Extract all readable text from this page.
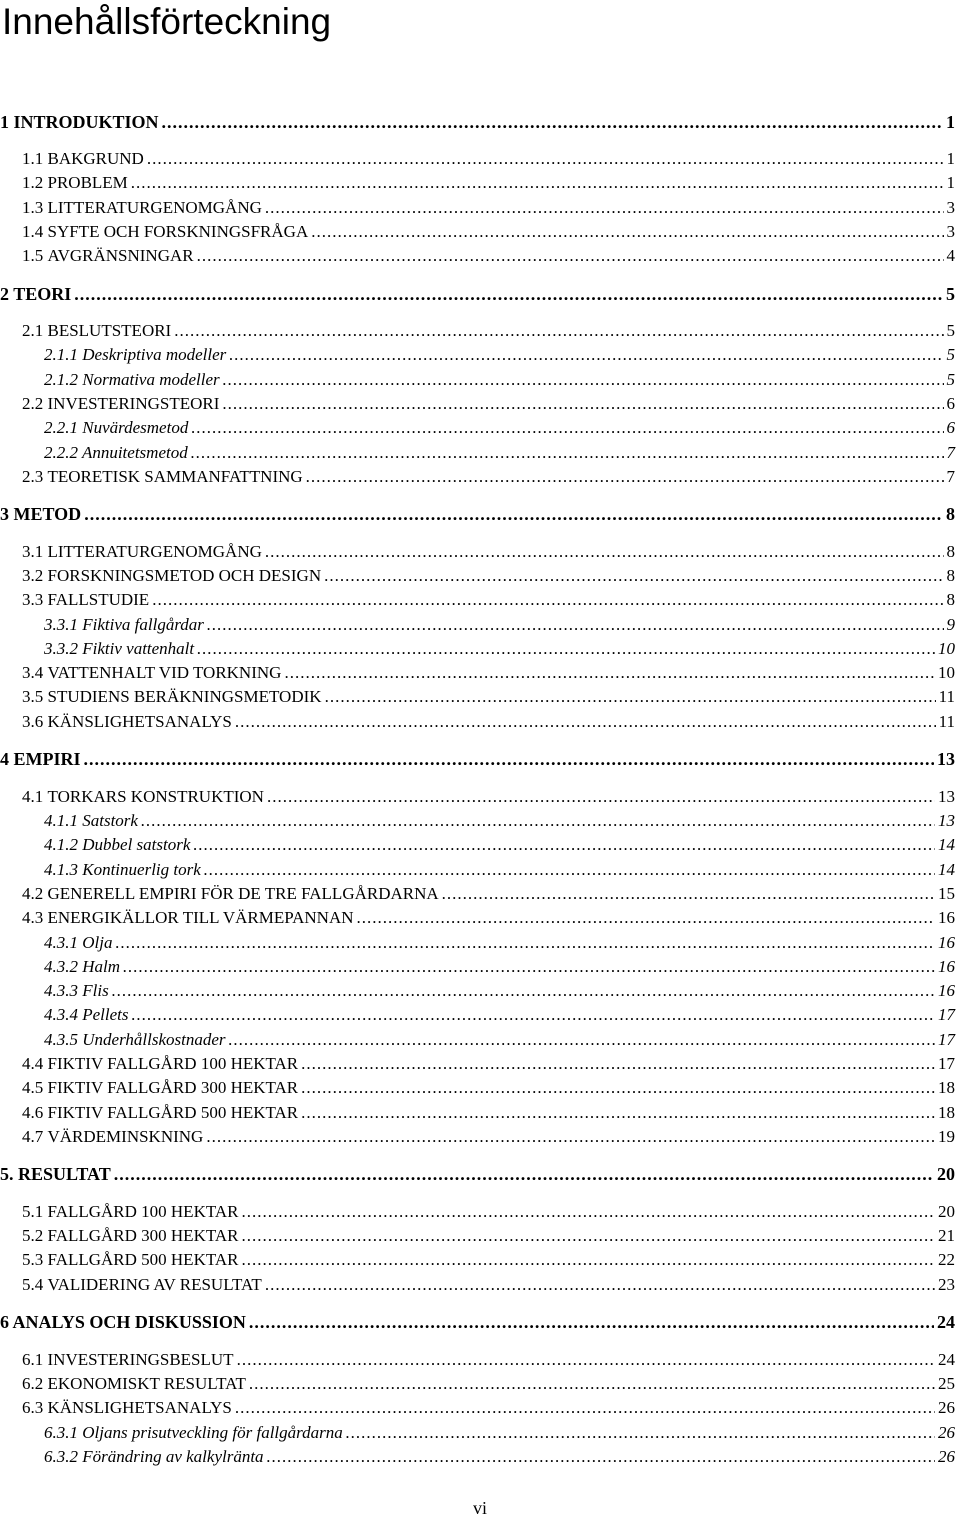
Innehållsförteckning
1 INTRODUKTION .....	1
1.1 BAKGRUND .....	1
1.2 PROBLEM .....	1
1.3 LITTERATURGENOMGÅNG .....	3
1.4 SYFTE OCH FORSKNINGSFRÅGA .....	3
1.5 AVGRÄNSNINGAR .....	4
2 TEORI .....	5
2.1 BESLUTSTEORI .....	5
2.1.1 Deskriptiva modeller .....	5
2.1.2 Normativa modeller .....	5
2.2 INVESTERINGSTEORI .....	6
2.2.1 Nuvärdesmetod .....	6
2.2.2 Annuitetsmetod .....	7
2.3 TEORETISK SAMMANFATTNING .....	7
3 METOD .....	8
3.1 LITTERATURGENOMGÅNG .....	8
3.2 FORSKNINGSMETOD OCH DESIGN .....	8
3.3 FALLSTUDIE .....	8
3.3.1 Fiktiva fallgårdar .....	9
3.3.2 Fiktiv vattenhalt .....	10
3.4 VATTENHALT VID TORKNING .....	10
3.5 STUDIENS BERÄKNINGSMETODIK .....	11
3.6 KÄNSLIGHETSANALYS .....	11
4 EMPIRI .....	13
4.1 TORKARS KONSTRUKTION .....	13
4.1.1 Satstork .....	13
4.1.2 Dubbel satstork .....	14
4.1.3 Kontinuerlig tork .....	14
4.2 GENERELL EMPIRI FÖR DE TRE FALLGÅRDARNA .....	15
4.3 ENERGIKÄLLOR TILL VÄRMEPANNAN .....	16
4.3.1 Olja .....	16
4.3.2 Halm .....	16
4.3.3 Flis .....	16
4.3.4 Pellets .....	17
4.3.5 Underhållskostnader .....	17
4.4 FIKTIV FALLGÅRD 100 HEKTAR .....	17
4.5 FIKTIV FALLGÅRD 300 HEKTAR .....	18
4.6 FIKTIV FALLGÅRD 500 HEKTAR .....	18
4.7 VÄRDEMINSKNING .....	19
5. RESULTAT .....	20
5.1 FALLGÅRD 100 HEKTAR .....	20
5.2 FALLGÅRD 300 HEKTAR .....	21
5.3 FALLGÅRD 500 HEKTAR .....	22
5.4 VALIDERING AV RESULTAT .....	23
6 ANALYS OCH DISKUSSION .....	24
6.1 INVESTERINGSBESLUT .....	24
6.2 EKONOMISKT RESULTAT .....	25
6.3 KÄNSLIGHETSANALYS .....	26
6.3.1 Oljans prisutveckling för fallgårdarna .....	26
6.3.2 Förändring av kalkylränta .....	26
vi
